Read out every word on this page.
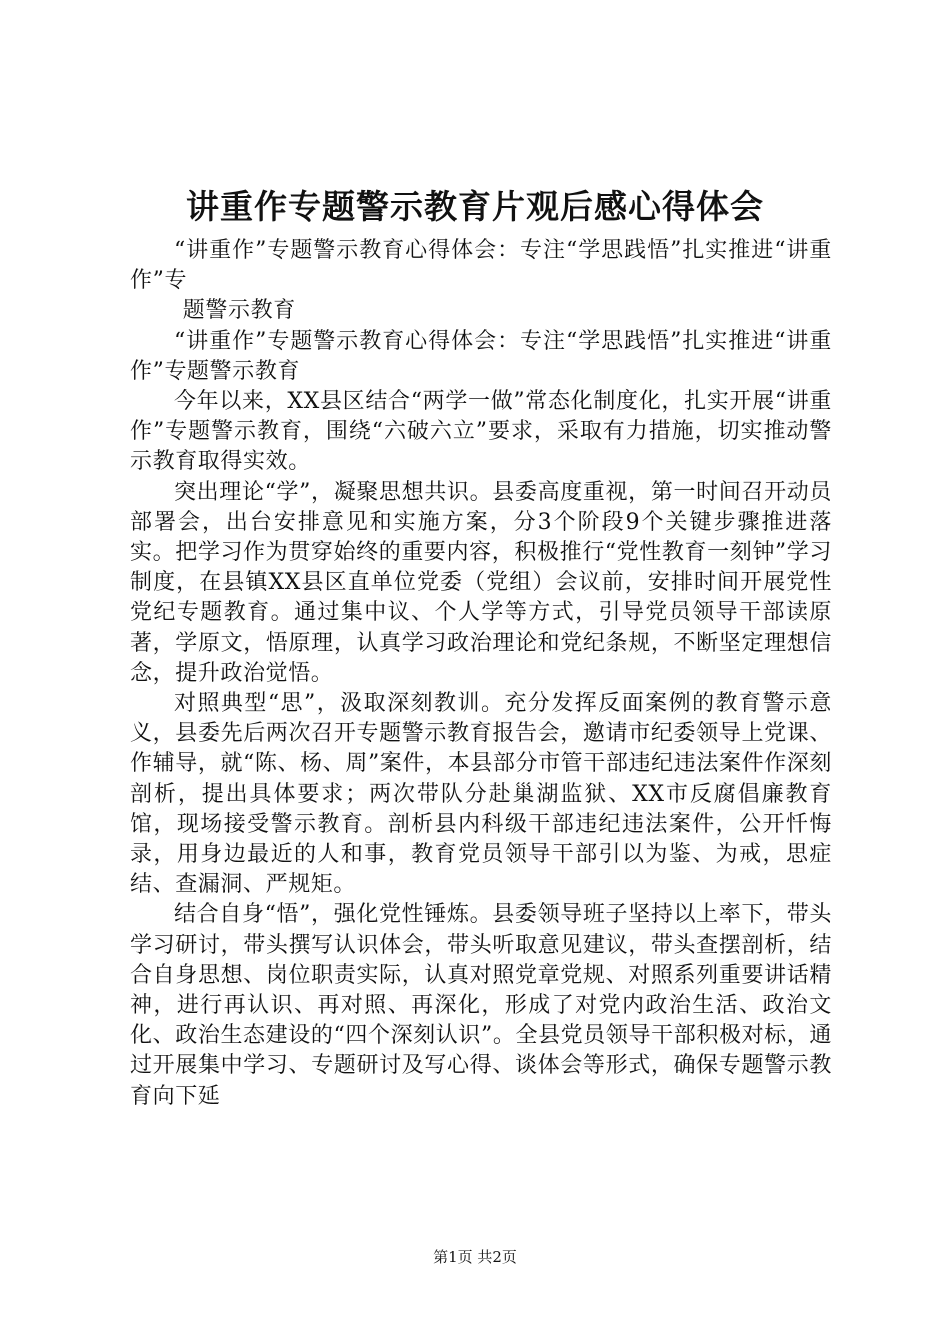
讲重作专题警示教育片观后感心得体会

“讲重作”专题警示教育心得体会：专注“学思践悟”扎实推进“讲重作”专

题警示教育

“讲重作”专题警示教育心得体会：专注“学思践悟”扎实推进“讲重作”专题警示教育

今年以来，XX县区结合“两学一做”常态化制度化，扎实开展“讲重作”专题警示教育，围绕“六破六立”要求，采取有力措施，切实推动警示教育取得实效。

突出理论“学”，凝聚思想共识。县委高度重视，第一时间召开动员部署会，出台安排意见和实施方案，分3个阶段9个关键步骤推进落实。把学习作为贯穿始终的重要内容，积极推行“党性教育一刻钟”学习制度，在县镇XX县区直单位党委（党组）会议前，安排时间开展党性党纪专题教育。通过集中议、个人学等方式，引导党员领导干部读原著，学原文，悟原理，认真学习政治理论和党纪条规，不断坚定理想信念，提升政治觉悟。

对照典型“思”，汲取深刻教训。充分发挥反面案例的教育警示意义，县委先后两次召开专题警示教育报告会，邀请市纪委领导上党课、作辅导，就“陈、杨、周”案件，本县部分市管干部违纪违法案件作深刻剖析，提出具体要求；两次带队分赴巢湖监狱、XX市反腐倡廉教育馆，现场接受警示教育。剖析县内科级干部违纪违法案件，公开忏悔录，用身边最近的人和事，教育党员领导干部引以为鉴、为戒，思症结、查漏洞、严规矩。

结合自身“悟”，强化党性锤炼。县委领导班子坚持以上率下，带头学习研讨，带头撰写认识体会，带头听取意见建议，带头查摆剖析，结合自身思想、岗位职责实际，认真对照党章党规、对照系列重要讲话精神，进行再认识、再对照、再深化，形成了对党内政治生活、政治文化、政治生态建设的“四个深刻认识”。全县党员领导干部积极对标，通过开展集中学习、专题研讨及写心得、谈体会等形式，确保专题警示教育向下延

第1页 共2页
